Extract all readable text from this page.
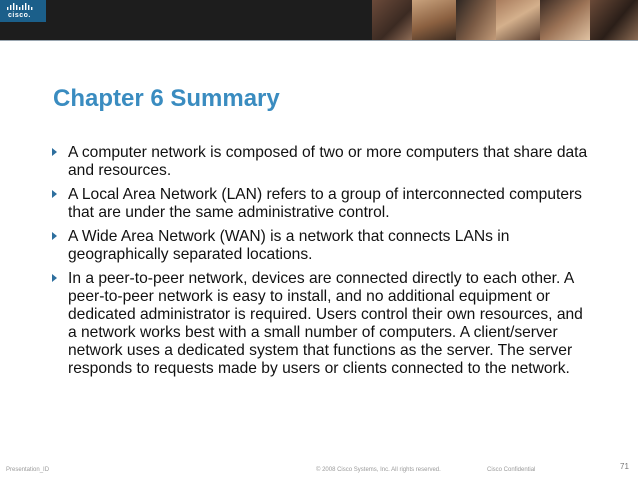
cisco.
Chapter 6 Summary
A computer network is composed of two or more computers that share data and resources.
A Local Area Network (LAN) refers to a group of interconnected computers that are under the same administrative control.
A Wide Area Network (WAN) is a network that connects LANs in geographically separated locations.
In a peer-to-peer network, devices are connected directly to each other. A peer-to-peer network is easy to install, and no additional equipment or dedicated administrator is required. Users control their own resources, and a network works best with a small number of computers. A client/server network uses a dedicated system that functions as the server. The server responds to requests made by users or clients connected to the network.
Presentation_ID	© 2008 Cisco Systems, Inc. All rights reserved.	Cisco Confidential	71
